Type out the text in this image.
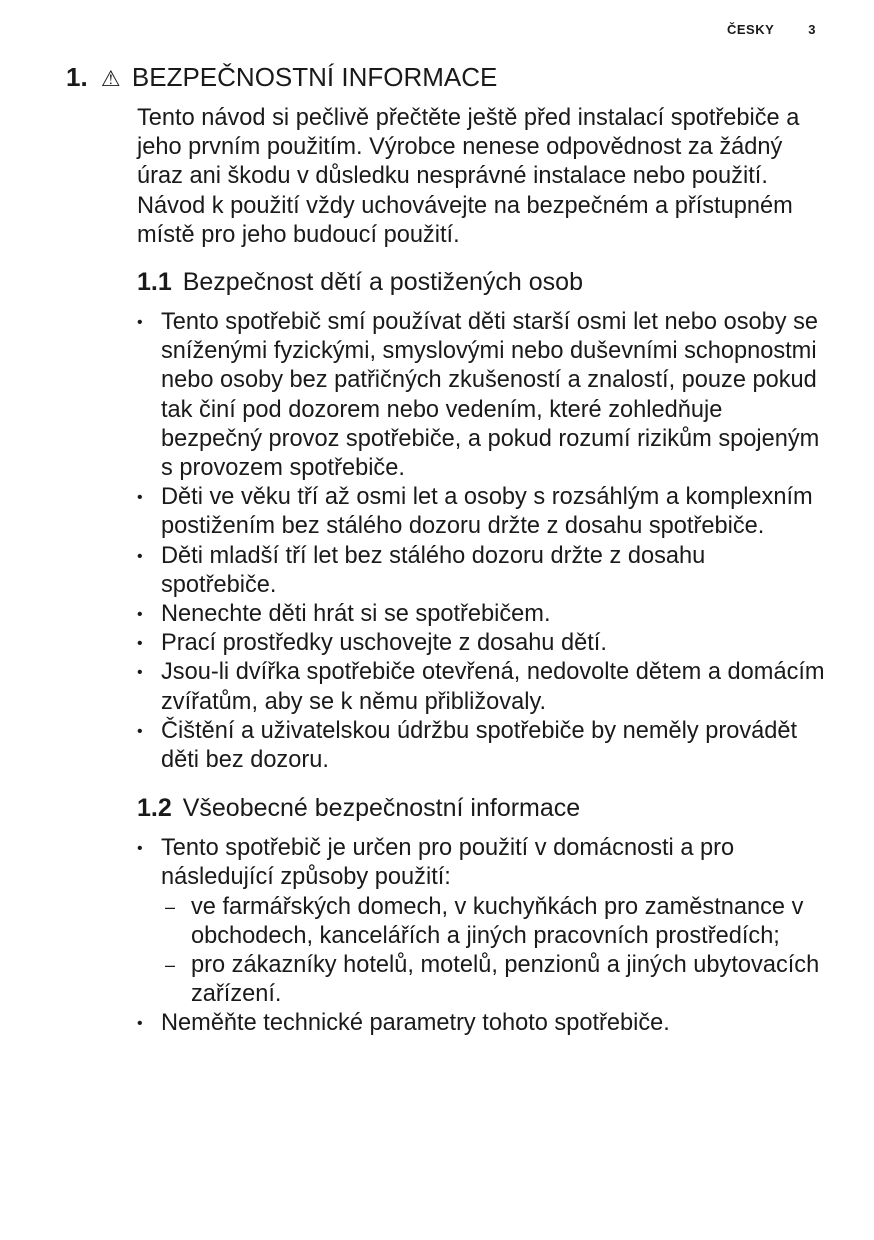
ČESKY	3
1. ⚠ BEZPEČNOSTNÍ INFORMACE

Tento návod si pečlivě přečtěte ještě před instalací spotřebiče a jeho prvním použitím. Výrobce nenese odpovědnost za žádný úraz ani škodu v důsledku nesprávné instalace nebo použití. Návod k použití vždy uchovávejte na bezpečném a přístupném místě pro jeho budoucí použití.

1.1 Bezpečnost dětí a postižených osob
• Tento spotřebič smí používat děti starší osmi let nebo osoby se sníženými fyzickými, smyslovými nebo duševními schopnostmi nebo osoby bez patřičných zkušeností a znalostí, pouze pokud tak činí pod dozorem nebo vedením, které zohledňuje bezpečný provoz spotřebiče, a pokud rozumí rizikům spojeným s provozem spotřebiče.
• Děti ve věku tří až osmi let a osoby s rozsáhlým a komplexním postižením bez stálého dozoru držte z dosahu spotřebiče.
• Děti mladší tří let bez stálého dozoru držte z dosahu spotřebiče.
• Nenechte děti hrát si se spotřebičem.
• Prací prostředky uschovejte z dosahu dětí.
• Jsou-li dvířka spotřebiče otevřená, nedovolte dětem a domácím zvířatům, aby se k němu přibližovaly.
• Čištění a uživatelskou údržbu spotřebiče by neměly provádět děti bez dozoru.
1.2 Všeobecné bezpečnostní informace
• Tento spotřebič je určen pro použití v domácnosti a pro následující způsoby použití:
– ve farmářských domech, v kuchyňkách pro zaměstnance v obchodech, kancelářích a jiných pracovních prostředích;
– pro zákazníky hotelů, motelů, penzionů a jiných ubytovacích zařízení.
• Neměňte technické parametry tohoto spotřebiče.
